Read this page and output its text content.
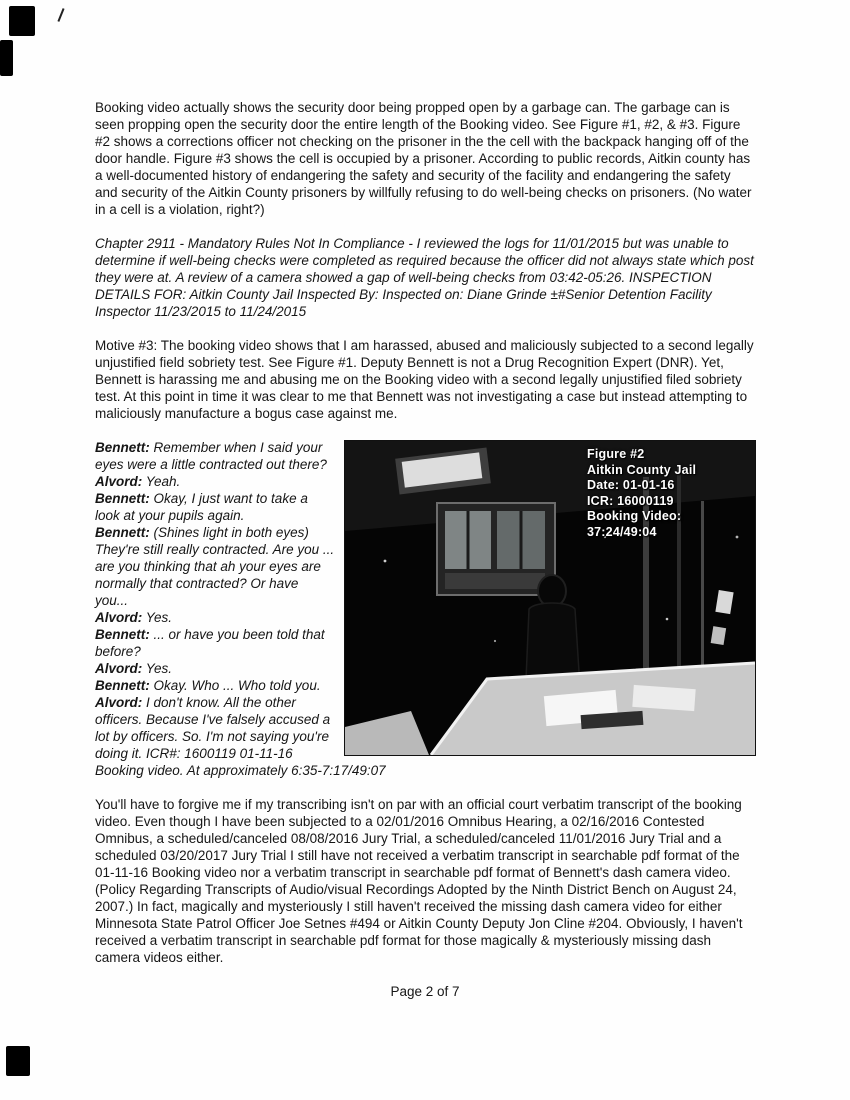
Booking video actually shows the security door being propped open by a garbage can. The garbage can is seen propping open the security door the entire length of the Booking video. See Figure #1, #2, & #3. Figure #2 shows a corrections officer not checking on the prisoner in the the cell with the backpack hanging off of the door handle. Figure #3 shows the cell is occupied by a prisoner. According to public records, Aitkin county has a well-documented history of endangering the safety and security of the facility and endangering the safety and security of the Aitkin County prisoners by willfully refusing to do well-being checks on prisoners. (No water in a cell is a violation, right?)

Chapter 2911 - Mandatory Rules Not In Compliance - I reviewed the logs for 11/01/2015 but was unable to determine if well-being checks were completed as required because the officer did not always state which post they were at. A review of a camera showed a gap of well-being checks from 03:42-05:26. INSPECTION DETAILS FOR: Aitkin County Jail Inspected By: Inspected on: Diane Grinde ±#Senior Detention Facility Inspector 11/23/2015 to 11/24/2015

Motive #3: The booking video shows that I am harassed, abused and maliciously subjected to a second legally unjustified field sobriety test. See Figure #1. Deputy Bennett is not a Drug Recognition Expert (DNR). Yet, Bennett is harassing me and abusing me on the Booking video with a second legally unjustified filed sobriety test. At this point in time it was clear to me that Bennett was not investigating a case but instead attempting to maliciously manufacture a bogus case against me.

Figure #2
Aitkin County Jail
Date: 01-01-16
ICR: 16000119
Booking Video:
37:24/49:04
Bennett: Remember when I said your eyes were a little contracted out there?
Alvord: Yeah.
Bennett: Okay, I just want to take a look at your pupils again.
Bennett: (Shines light in both eyes) They're still really contracted. Are you ... are you thinking that ah your eyes are normally that contracted? Or have you...
Alvord: Yes.
Bennett: ... or have you been told that before?
Alvord: Yes.
Bennett: Okay. Who ... Who told you.
Alvord: I don't know. All the other officers. Because I've falsely accused a lot by officers. So. I'm not saying you're doing it. ICR#: 1600119 01-11-16 Booking video. At approximately 6:35-7:17/49:07

You'll have to forgive me if my transcribing isn't on par with an official court verbatim transcript of the booking video. Even though I have been subjected to a 02/01/2016 Omnibus Hearing, a 02/16/2016 Contested Omnibus, a scheduled/canceled 08/08/2016 Jury Trial, a scheduled/canceled 11/01/2016 Jury Trial and a scheduled 03/20/2017 Jury Trial I still have not received a verbatim transcript in searchable pdf format of the 01-11-16 Booking video nor a verbatim transcript in searchable pdf format of Bennett's dash camera video. (Policy Regarding Transcripts of Audio/visual Recordings Adopted by the Ninth District Bench on August 24, 2007.) In fact, magically and mysteriously I still haven't received the missing dash camera video for either Minnesota State Patrol Officer Joe Setnes #494 or Aitkin County Deputy Jon Cline #204. Obviously, I haven't received a verbatim transcript in searchable pdf format for those magically & mysteriously missing dash camera videos either.

Page 2 of 7
